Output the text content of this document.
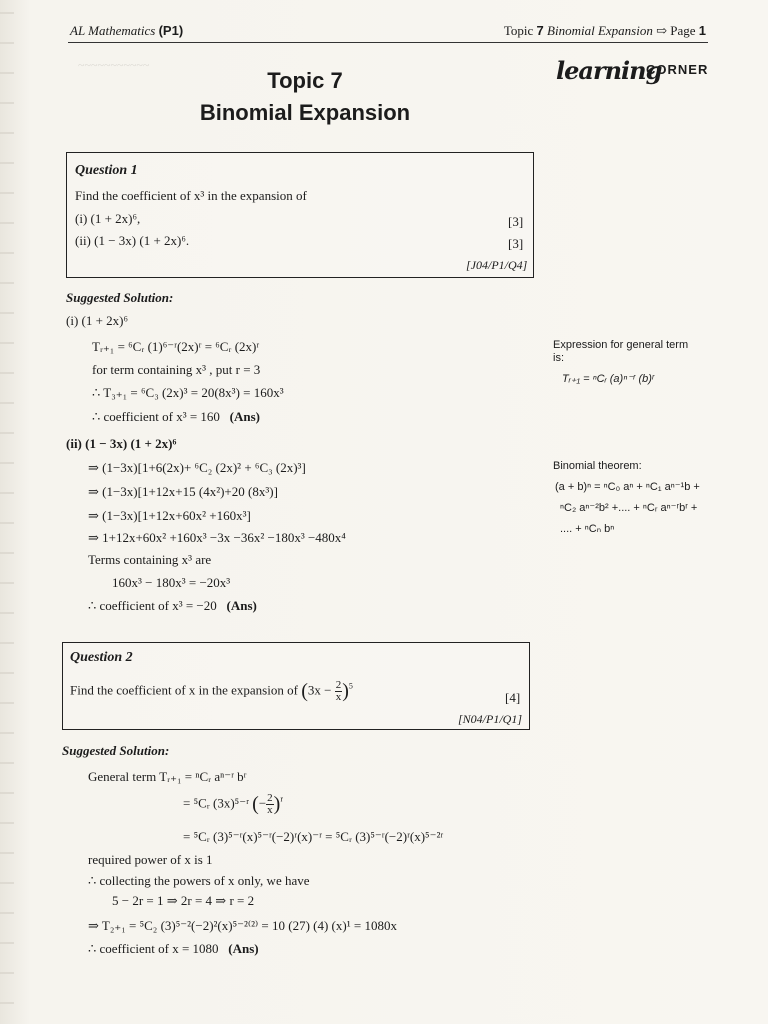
~~~~~~~~~~~
AL Mathematics (P1)	Topic 7 Binomial Expansion ⇨ Page 1
learning
CORNER
Topic 7
Binomial Expansion
Question 1
Find the coefficient of x³ in the expansion of
(i) (1 + 2x)⁶,
(ii) (1 − 3x) (1 + 2x)⁶.
[3]
[3]
[J04/P1/Q4]
Suggested Solution:
(i) (1 + 2x)⁶
Tᵣ₊₁ = ⁶Cᵣ (1)⁶⁻ʳ(2x)ʳ = ⁶Cᵣ (2x)ʳ
for term containing x³ , put r = 3
∴ T₃₊₁ = ⁶C₃ (2x)³ = 20(8x³) = 160x³
∴ coefficient of x³ = 160 (Ans)
(ii) (1 − 3x) (1 + 2x)⁶
⇒ (1−3x)[1+6(2x)+ ⁶C₂ (2x)² + ⁶C₃ (2x)³]
⇒ (1−3x)[1+12x+15 (4x²)+20 (8x³)]
⇒ (1−3x)[1+12x+60x² +160x³]
⇒ 1+12x+60x² +160x³ −3x −36x² −180x³ −480x⁴
Terms containing x³ are
160x³ − 180x³ = −20x³
∴ coefficient of x³ = −20 (Ans)
Expression for general term
is:
Tᵣ₊₁ = ⁿCᵣ (a)ⁿ⁻ʳ (b)ʳ
Binomial theorem:
(a + b)ⁿ = ⁿC₀ aⁿ + ⁿC₁ aⁿ⁻¹b +
ⁿC₂ aⁿ⁻²b² +.... + ⁿCᵣ aⁿ⁻ʳbʳ +
.... + ⁿCₙ bⁿ
Question 2
Find the coefficient of x in the expansion of $(3x - \frac{2}{x} )^5$
[4]
[N04/P1/Q1]
Suggested Solution:
General term Tᵣ₊₁ = ⁿCᵣ aⁿ⁻ʳ bʳ
= ⁵Cᵣ (3x)⁵⁻ʳ (− $\frac{2}{x} )^r$
= ⁵Cᵣ (3)⁵⁻ʳ(x)⁵⁻ʳ(−2)ʳ(x)⁻ʳ = ⁵Cᵣ (3)⁵⁻ʳ(−2)ʳ(x)⁵⁻²ʳ
required power of x is 1
∴ collecting the powers of x only, we have
5 − 2r = 1 ⇒ 2r = 4 ⇒ r = 2
⇒ T₂₊₁ = ⁵C₂ (3)⁵⁻²(−2)²(x)⁵⁻²⁽²⁾ = 10 (27) (4) (x)¹ = 1080x
∴ coefficient of x = 1080 (Ans)
